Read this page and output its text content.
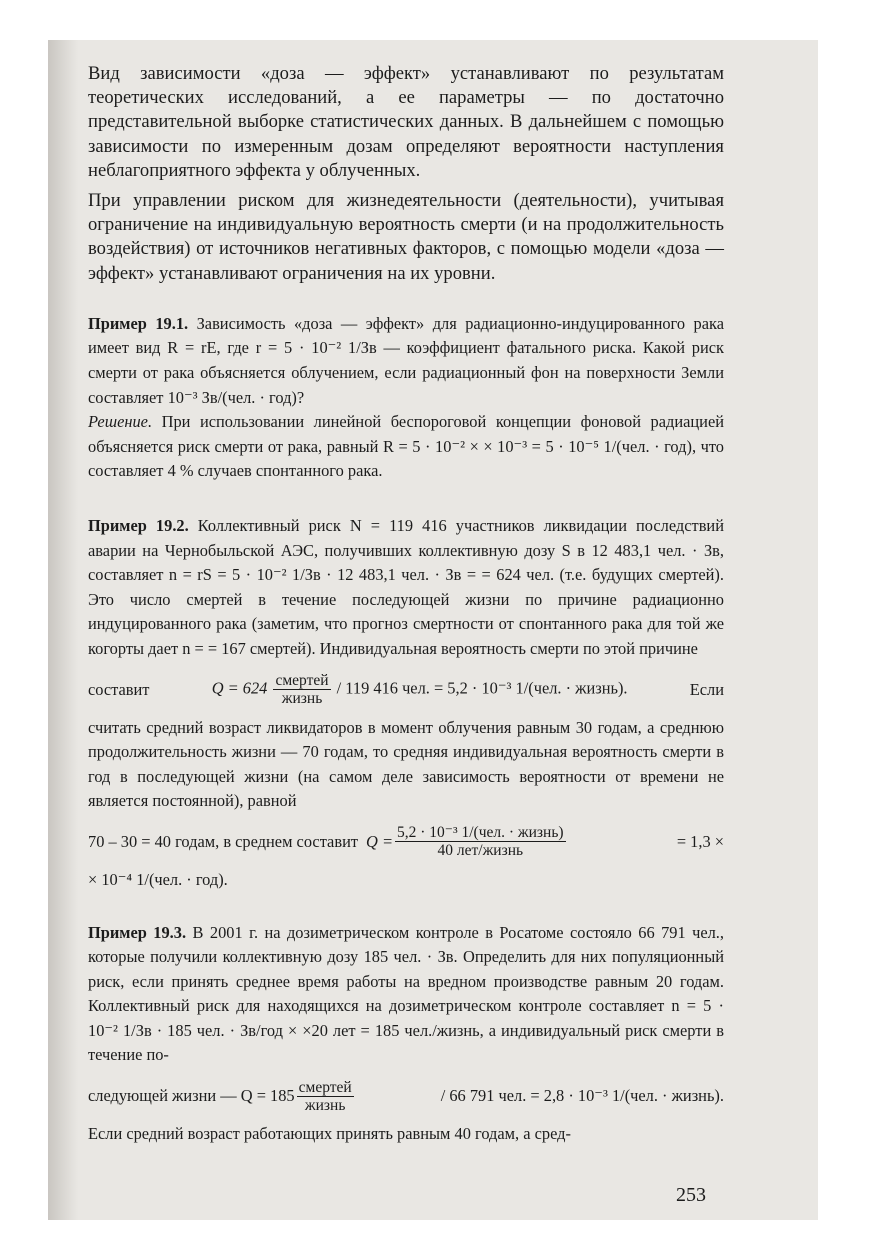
Вид зависимости «доза — эффект» устанавливают по результатам теоретических исследований, а ее параметры — по достаточно представительной выборке статистических данных. В дальнейшем с помощью зависимости по измеренным дозам определяют вероятности наступления неблагоприятного эффекта у облученных.

При управлении риском для жизнедеятельности (деятельности), учитывая ограничение на индивидуальную вероятность смерти (и на продолжительность воздействия) от источников негативных факторов, с помощью модели «доза — эффект» устанавливают ограничения на их уровни.

Пример 19.1. Зависимость «доза — эффект» для радиационно-индуцированного рака имеет вид R = rE, где r = 5 · 10⁻² 1/Зв — коэффициент фатального риска. Какой риск смерти от рака объясняется облучением, если радиационный фон на поверхности Земли составляет 10⁻³ Зв/(чел. · год)?

Решение. При использовании линейной беспороговой концепции фоновой радиацией объясняется риск смерти от рака, равный R = 5 · 10⁻² × × 10⁻³ = 5 · 10⁻⁵ 1/(чел. · год), что составляет 4 % случаев спонтанного рака.

Пример 19.2. Коллективный риск N = 119 416 участников ликвидации последствий аварии на Чернобыльской АЭС, получивших коллективную дозу S в 12 483,1 чел. · Зв, составляет n = rS = 5 · 10⁻² 1/Зв · 12 483,1 чел. · Зв = = 624 чел. (т.е. будущих смертей). Это число смертей в течение последующей жизни по причине радиационно индуцированного рака (заметим, что прогноз смертности от спонтанного рака для той же когорты дает n = = 167 смертей). Индивидуальная вероятность смерти по этой причине

составит	$Q = 624 \frac{\text{смертей}}{\text{жизнь}} / 119$ 416 чел. = 5,2 · 10⁻³ 1/(чел. · жизнь).	Если

считать средний возраст ликвидаторов в момент облучения равным 30 годам, а среднюю продолжительность жизни — 70 годам, то средняя индивидуальная вероятность смерти в год в последующей жизни (на самом деле зависимость вероятности от времени не является постоянной), равной

70 – 30 = 40 годам, в среднем составит $Q = \frac{\text{5,2 · 10⁻³ 1/(чел. · жизнь)}}{\text{40 лет/жизнь}}$	= 1,3 ×

× 10⁻⁴ 1/(чел. · год).

Пример 19.3. В 2001 г. на дозиметрическом контроле в Росатоме состояло 66 791 чел., которые получили коллективную дозу 185 чел. · Зв. Определить для них популяционный риск, если принять среднее время работы на вредном производстве равным 20 годам. Коллективный риск для находящихся на дозиметрическом контроле составляет n = 5 · 10⁻² 1/Зв · 185 чел. · Зв/год × ×20 лет = 185 чел./жизнь, а индивидуальный риск смерти в течение по-

следующей жизни — $Q = 185 \frac{\text{смертей}}{\text{жизнь}}$	/ 66 791 чел. = 2,8 · 10⁻³ 1/(чел. · жизнь).

Если средний возраст работающих принять равным 40 годам, а сред-

253
